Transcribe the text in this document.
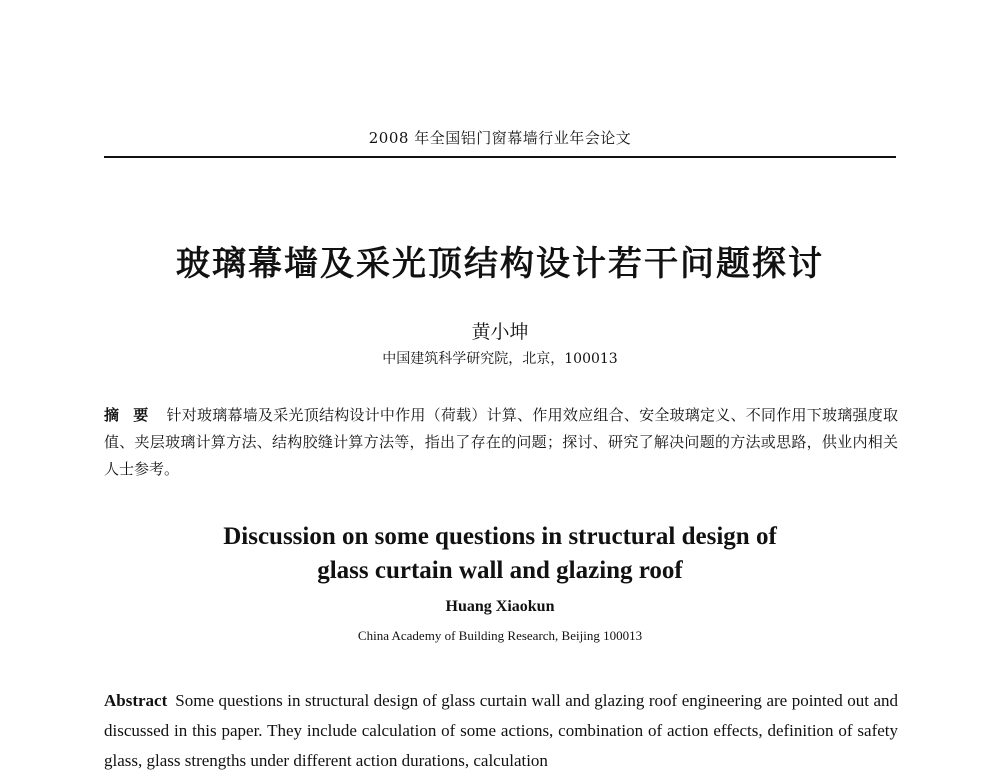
2008 年全国铝门窗幕墙行业年会论文
玻璃幕墙及采光顶结构设计若干问题探讨
黄小坤
中国建筑科学研究院，北京，100013
摘要 针对玻璃幕墙及采光顶结构设计中作用（荷载）计算、作用效应组合、安全玻璃定义、不同作用下玻璃强度取值、夹层玻璃计算方法、结构胶缝计算方法等，指出了存在的问题；探讨、研究了解决问题的方法或思路，供业内相关人士参考。
Discussion on some questions in structural design of
glass curtain wall and glazing roof
Huang Xiaokun
China Academy of Building Research, Beijing 100013
Abstract Some questions in structural design of glass curtain wall and glazing roof engineering are pointed out and discussed in this paper. They include calculation of some actions, combination of action effects, definition of safety glass, glass strengths under different action durations, calculation
